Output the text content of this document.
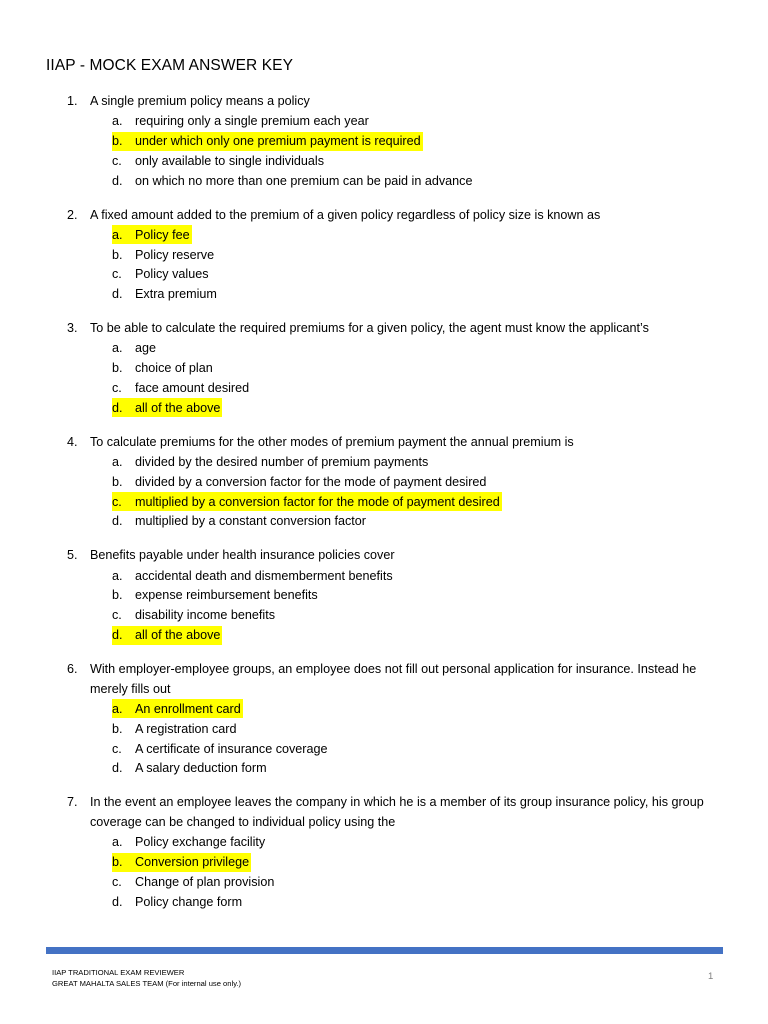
IIAP - MOCK EXAM ANSWER KEY
1. A single premium policy means a policy
a. requiring only a single premium each year
b. under which only one premium payment is required
c.	only available to single individuals
d. on which no more than one premium can be paid in advance
2. A fixed amount added to the premium of a given policy regardless of policy size is known as
a. Policy fee
b. Policy reserve
c.	Policy values
d. Extra premium
3. To be able to calculate the required premiums for a given policy, the agent must know the applicant’s
a. age
b. choice of plan
c.	face amount desired
d. all of the above
4. To calculate premiums for the other modes of premium payment the annual premium is
a. divided by the desired number of premium payments
b. divided by a conversion factor for the mode of payment desired
c.	multiplied by a conversion factor for the mode of payment desired
d. multiplied by a constant conversion factor
5. Benefits payable under health insurance policies cover
a. accidental death and dismemberment benefits
b. expense reimbursement benefits
c.	disability income benefits
d. all of the above
6. With employer-employee groups, an employee does not fill out personal application for insurance. Instead he
merely fills out
a. An enrollment card
b. A registration card
c.	A certificate of insurance coverage
d. A salary deduction form
7. In the event an employee leaves the company in which he is a member of its group insurance policy, his group
coverage can be changed to individual policy using the
a. Policy exchange facility
b. Conversion privilege
c.	Change of plan provision
d. Policy change form
IIAP TRADITIONAL EXAM REVIEWER
GREAT MAHALTA SALES TEAM (For internal use only.)
1
